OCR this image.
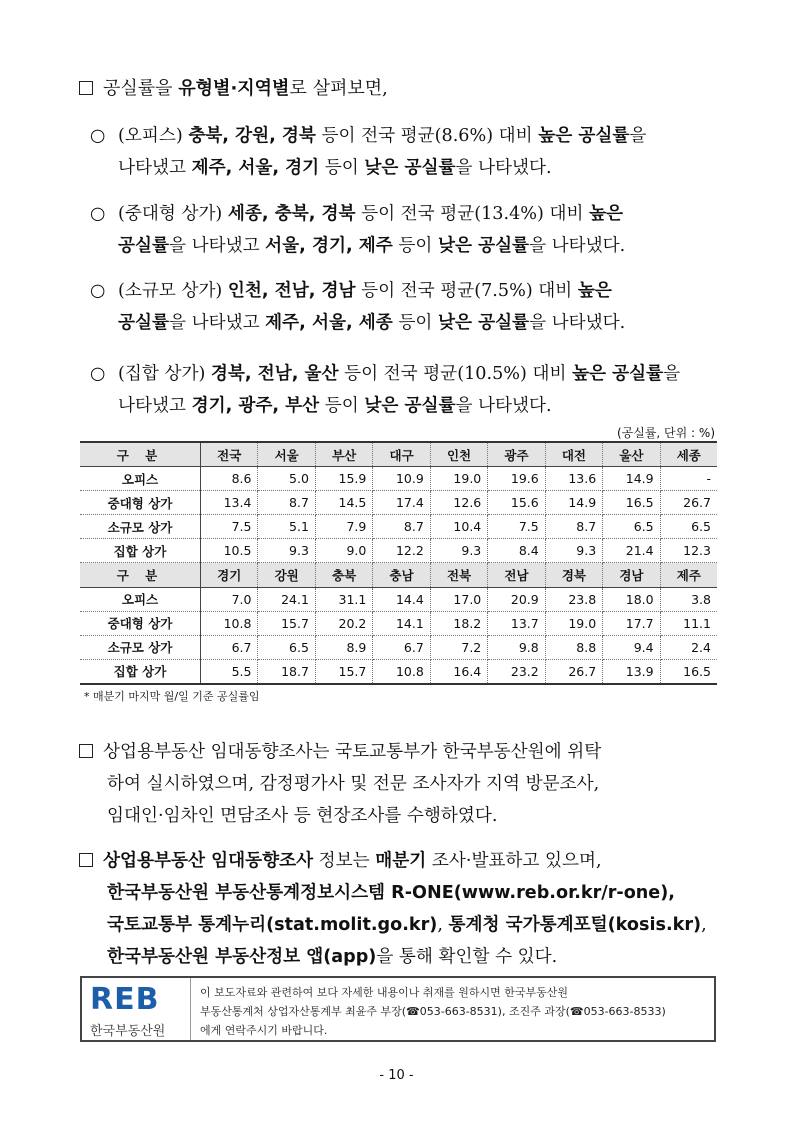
공실률을 유형별·지역별로 살펴보면,
○ (오피스) 충북, 강원, 경북 등이 전국 평균(8.6%) 대비 높은 공실률을
나타냈고 제주, 서울, 경기 등이 낮은 공실률을 나타냈다.
○ (중대형 상가) 세종, 충북, 경북 등이 전국 평균(13.4%) 대비 높은
공실률을 나타냈고 서울, 경기, 제주 등이 낮은 공실률을 나타냈다.
○ (소규모 상가) 인천, 전남, 경남 등이 전국 평균(7.5%) 대비 높은
공실률을 나타냈고 제주, 서울, 세종 등이 낮은 공실률을 나타냈다.
○ (집합 상가) 경북, 전남, 울산 등이 전국 평균(10.5%) 대비 높은 공실률을
나타냈고 경기, 광주, 부산 등이 낮은 공실률을 나타냈다.
(공실률, 단위 : %)
구 분	전국	서울	부산	대구	인천	광주	대전	울산	세종
오피스	8.6	5.0	15.9	10.9	19.0	19.6	13.6	14.9	-
중대형 상가	13.4	8.7	14.5	17.4	12.6	15.6	14.9	16.5	26.7
소규모 상가	7.5	5.1	7.9	8.7	10.4	7.5	8.7	6.5	6.5
집합 상가	10.5	9.3	9.0	12.2	9.3	8.4	9.3	21.4	12.3
구 분	경기	강원	충북	충남	전북	전남	경북	경남	제주
오피스	7.0	24.1	31.1	14.4	17.0	20.9	23.8	18.0	3.8
중대형 상가	10.8	15.7	20.2	14.1	18.2	13.7	19.0	17.7	11.1
소규모 상가	6.7	6.5	8.9	6.7	7.2	9.8	8.8	9.4	2.4
집합 상가	5.5	18.7	15.7	10.8	16.4	23.2	26.7	13.9	16.5
* 매분기 마지막 월/일 기준 공실률임
상업용부동산 임대동향조사는 국토교통부가 한국부동산원에 위탁
하여 실시하였으며, 감정평가사 및 전문 조사자가 지역 방문조사,
임대인·임차인 면담조사 등 현장조사를 수행하였다.
상업용부동산 임대동향조사 정보는 매분기 조사·발표하고 있으며,
한국부동산원 부동산통계정보시스템 R-ONE(www.reb.or.kr/r-one),
국토교통부 통계누리(stat.molit.go.kr), 통계청 국가통계포털(kosis.kr),
한국부동산원 부동산정보 앱(app)을 통해 확인할 수 있다.
REB
한국부동산원
이 보도자료와 관련하여 보다 자세한 내용이나 취재를 원하시면 한국부동산원
부동산통계처 상업자산통계부 최윤주 부장(☎053-663-8531), 조진주 과장(☎053-663-8533)
에게 연락주시기 바랍니다.
- 10 -
